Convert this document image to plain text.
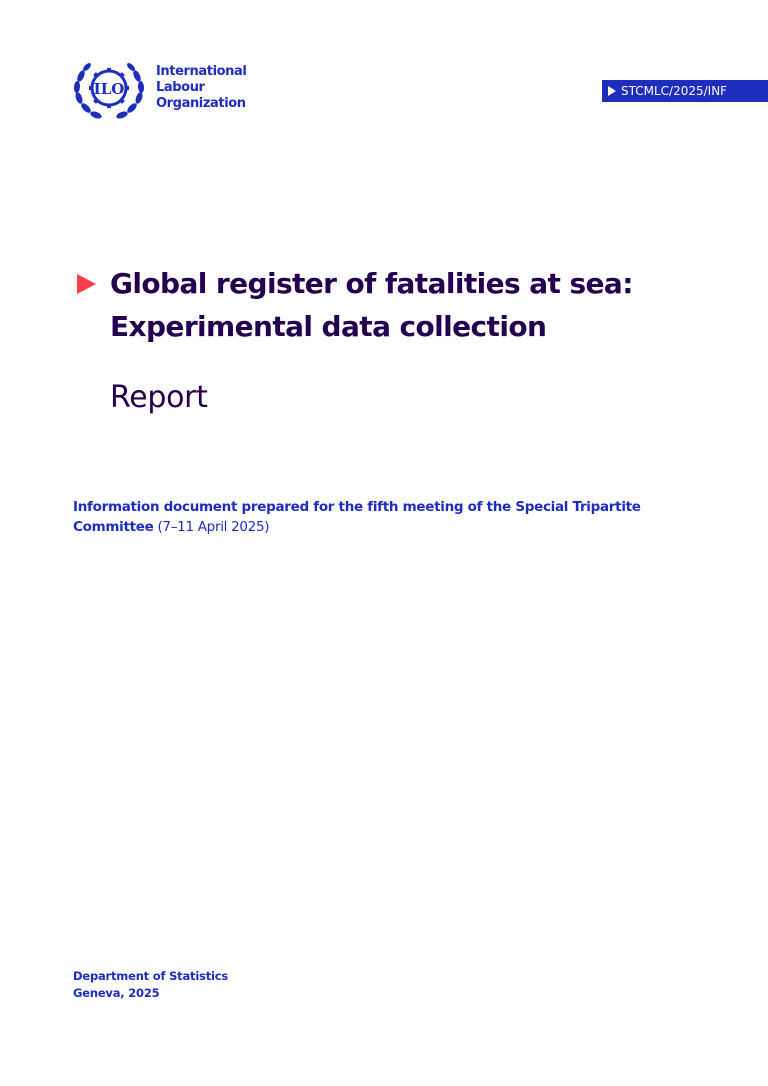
ILO
International
Labour
Organization
STCMLC/2025/INF
Global register of fatalities at sea:
Experimental data collection
Report
Information document prepared for the fifth meeting of the Special Tripartite Committee (7–11 April 2025)
Department of Statistics
Geneva, 2025
